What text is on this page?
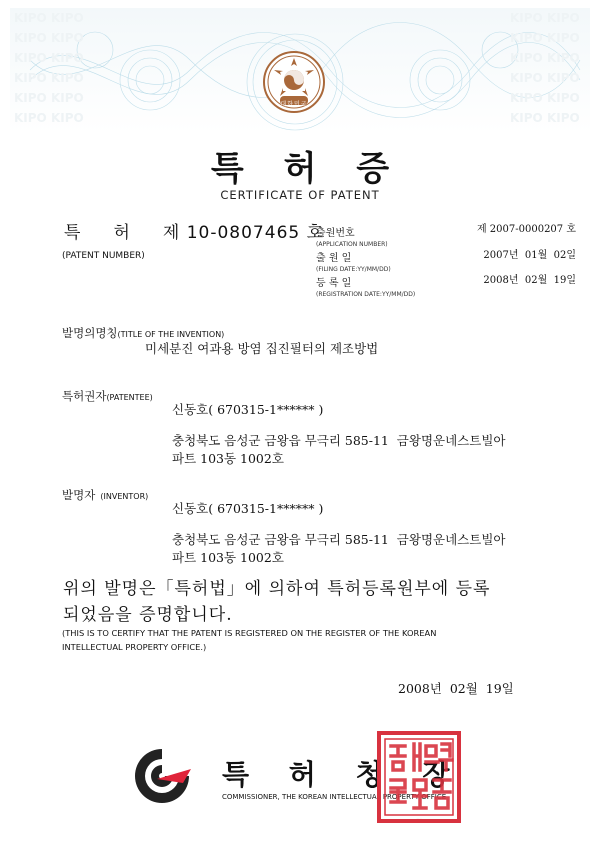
KIPO KIPO
KIPO KIPO
KIPO KIPO
KIPO KIPO
KIPO KIPO
KIPO KIPO
KIPO KIPO
KIPO KIPO
KIPO KIPO
KIPO KIPO
KIPO KIPO
KIPO KIPO
대한민국
특 허 증
CERTIFICATE OF PATENT
특     허     제 10-0807465 호
(PATENT NUMBER)
출원번호
(APPLICATION NUMBER)
제 2007-0000207 호
출 원 일
(FILING DATE:YY/MM/DD)
2007년  01월  02일
등 록 일
(REGISTRATION DATE:YY/MM/DD)
2008년  02월  19일
발명의명칭(TITLE OF THE INVENTION)
미세분진 여과용 방염 집진필터의 제조방법
특허권자(PATENTEE)
신동호( 670315-1****** )
충청북도 음성군 금왕읍 무극리 585-11  금왕명운네스트빌아
파트 103동 1002호
발명자 (INVENTOR)
신동호( 670315-1****** )
충청북도 음성군 금왕읍 무극리 585-11  금왕명운네스트빌아
파트 103동 1002호
위의 발명은「특허법」에 의하여 특허등록원부에 등록
되었음을 증명합니다.
(THIS IS TO CERTIFY THAT THE PATENT IS REGISTERED ON THE REGISTER OF THE KOREAN
INTELLECTUAL PROPERTY OFFICE.)
2008년  02월  19일
특 허 청 장
COMMISSIONER, THE KOREAN INTELLECTUAL PROPERTY OFFICE
특허청장인
